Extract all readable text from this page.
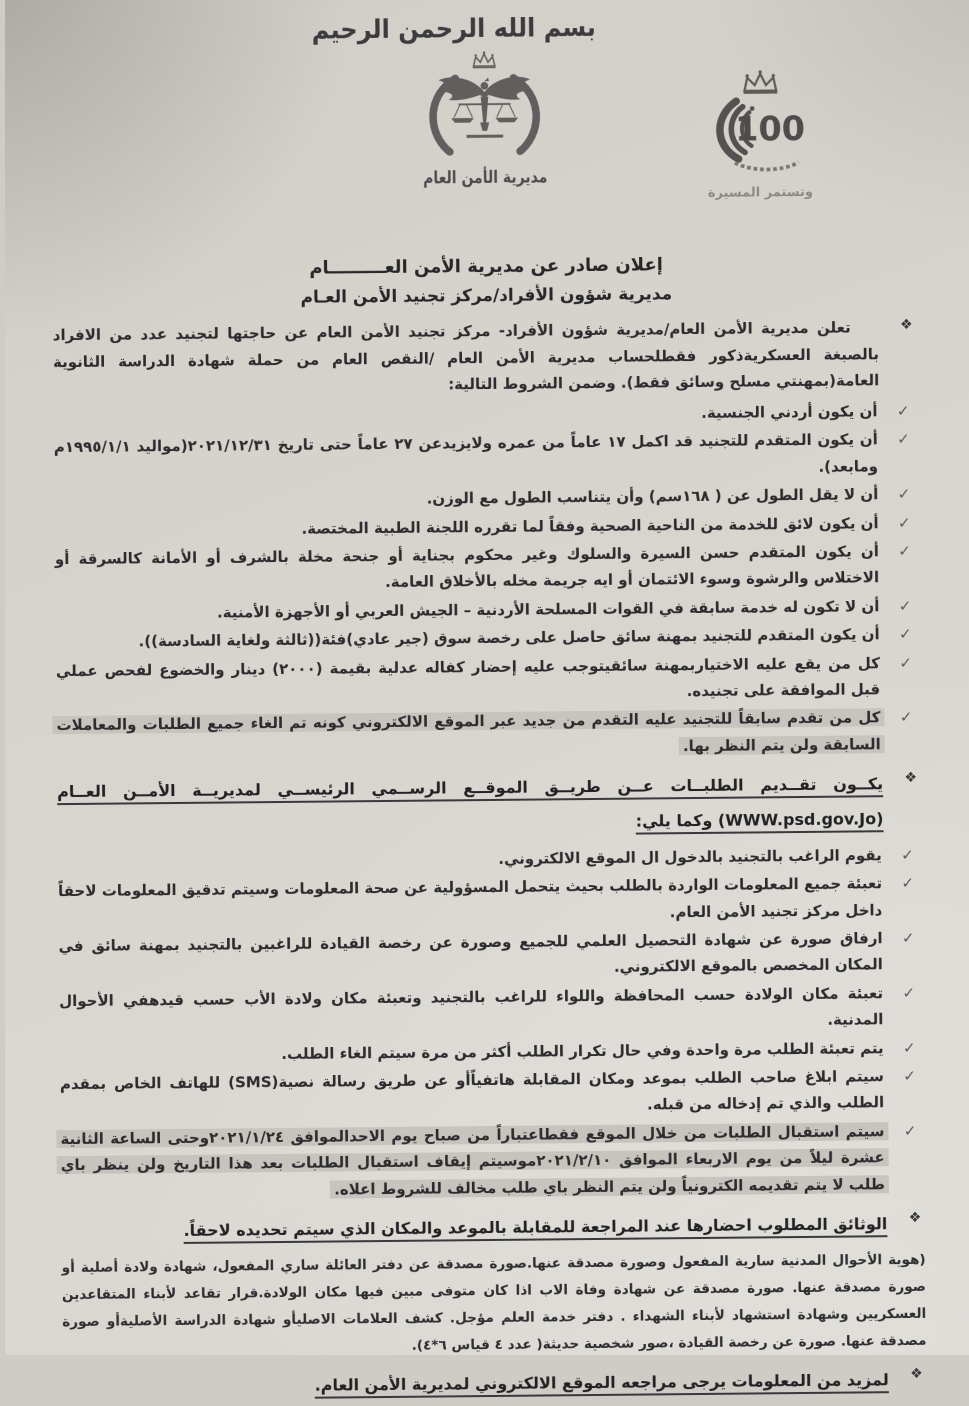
بسم الله الرحمن الرحيم
100
وتستمر المسيرة
مديرية الأمن العام
إعلان صادر عن مديرية الأمن العـــــــــام
مديرية شؤون الأفراد/مركز تجنيد الأمن العـام
❖

تعلن مديرية الأمن العام/مديرية شؤون الأفراد- مركز تجنيد الأمن العام عن حاجتها لتجنيد عدد من الافراد بالصبغة العسكريةذكور فقطلحساب مديرية الأمن العام /النقص العام من حملة شهادة الدراسة الثانوية العامة(بمهنتي مسلح وسائق فقط). وضمن الشروط التالية:

✓
أن يكون أردني الجنسية.
✓
أن يكون المتقدم للتجنيد قد اكمل ١٧ عاماً من عمره ولايزيدعن ٢٧ عاماً حتى تاريخ ٢٠٢١/١٢/٣١(مواليد ١٩٩٥/١/١م ومابعد).
✓
أن لا يقل الطول عن ( ١٦٨سم) وأن يتناسب الطول مع الوزن.
✓
أن يكون لائق للخدمة من الناحية الصحية وفقاً لما تقرره اللجنة الطبية المختصة.
✓
أن يكون المتقدم حسن السيرة والسلوك وغير محكوم بجناية أو جنحة مخلة بالشرف أو الأمانة كالسرقة أو الاختلاس والرشوة وسوء الائتمان أو ايه جريمة مخله بالأخلاق العامة.
✓
أن لا تكون له خدمة سابقة في القوات المسلحة الأردنية – الجيش العربي أو الأجهزة الأمنية.
✓
أن يكون المتقدم للتجنيد بمهنة سائق حاصل على رخصة سوق (جير عادي)فئة((ثالثة ولغاية السادسة)).
✓
كل من يقع عليه الاختياربمهنة سائقيتوجب عليه إحضار كفاله عدلية بقيمة (٢٠٠٠) دينار والخضوع لفحص عملي قبل الموافقة على تجنيده.
✓
كل من تقدم سابقاً للتجنيد عليه التقدم من جديد عبر الموقع الالكتروني كونه تم الغاء جميع الطلبات والمعاملات السابقة ولن يتم النظر بها.
❖
يكــون تقــديم الطلبــات عــن طريــق الموقــع الرســمي الرئيســي لمديريــة الأمــن العــام (WWW.psd.gov.Jo) وكما يلي:
✓
يقوم الراغب بالتجنيد بالدخول ال الموقع الالكتروني.
✓
تعبئة جميع المعلومات الواردة بالطلب بحيث يتحمل المسؤولية عن صحة المعلومات وسيتم تدقيق المعلومات لاحقاً داخل مركز تجنيد الأمن العام.
✓
ارفاق صورة عن شهادة التحصيل العلمي للجميع وصورة عن رخصة القيادة للراغبين بالتجنيد بمهنة سائق في المكان المخصص بالموقع الالكتروني.
✓
تعبئة مكان الولادة حسب المحافظة واللواء للراغب بالتجنيد وتعبئة مكان ولادة الأب حسب قيدهفي الأحوال المدنية.
✓
يتم تعبئة الطلب مرة واحدة وفي حال تكرار الطلب أكثر من مرة سيتم الغاء الطلب.
✓
سيتم ابلاغ صاحب الطلب بموعد ومكان المقابلة هاتفياًأو عن طريق رسالة نصية(SMS) للهاتف الخاص بمقدم الطلب والذي تم إدخاله من قبله.
✓
سيتم استقبال الطلبات من خلال الموقع فقطاعتباراً من صباح يوم الاحدالموافق ٢٠٢١/١/٢٤وحتى الساعة الثانية عشرة ليلاً من يوم الاربعاء الموافق ٢٠٢١/٢/١٠موسيتم إيقاف استقبال الطلبات بعد هذا التاريخ ولن ينظر باي طلب لا يتم تقديمه الكترونياً ولن يتم النظر باي طلب مخالف للشروط اعلاه.
❖
الوثائق المطلوب احضارها عند المراجعة للمقابلة بالموعد والمكان الذي سيتم تحديده لاحقاً.

(هوية الأحوال المدنية سارية المفعول وصورة مصدقة عنها.صورة مصدقة عن دفتر العائلة ساري المفعول، شهادة ولادة أصلية أو صورة مصدقة عنها. صورة مصدقة عن شهادة وفاة الاب اذا كان متوفى مبين فيها مكان الولادة.قرار تقاعد لأبناء المتقاعدين العسكريين وشهادة استشهاد لأبناء الشهداء . دفتر خدمة العلم مؤجل. كشف العلامات الاصليأو شهادة الدراسة الأصليةأو صورة مصدقة عنها. صورة عن رخصة القيادة ،صور شخصية حديثة( عدد ٤ قياس ٦*٤).

❖
لمزيد من المعلومات يرجى مراجعه الموقع الالكتروني لمديرية الأمن العام.
